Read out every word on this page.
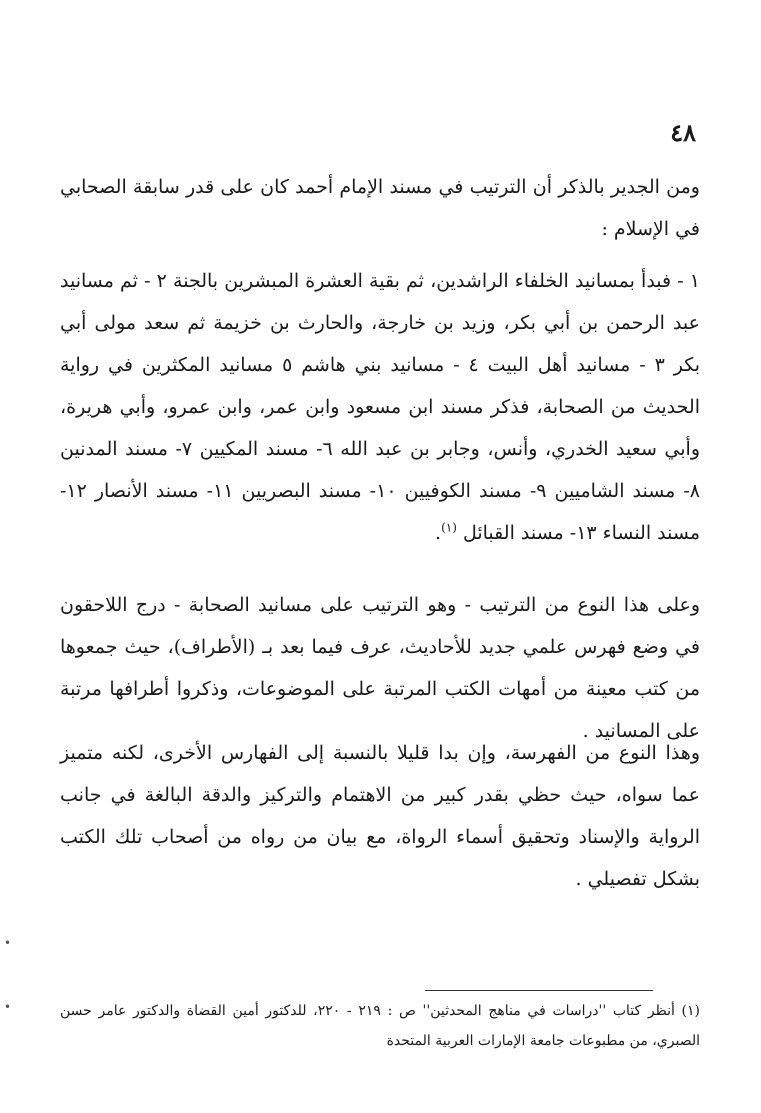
٤٨

ومن الجدير بالذكر أن الترتيب في مسند الإمام أحمد كان على قدر سابقة الصحابي في الإسلام :

١ - فبدأ بمسانيد الخلفاء الراشدين، ثم بقية العشرة المبشرين بالجنة ٢ - ثم مسانيد عبد الرحمن بن أبي بكر، وزيد بن خارجة، والحارث بن خزيمة ثم سعد مولى أبي بكر ٣ - مسانيد أهل البيت ٤ - مسانيد بني هاشم ٥ مسانيد المكثرين في رواية الحديث من الصحابة، فذكر مسند ابن مسعود وابن عمر، وابن عمرو، وأبي هريرة، وأبي سعيد الخدري، وأنس، وجابر بن عبد الله ٦- مسند المكيين ٧- مسند المدنين ٨- مسند الشاميين ٩- مسند الكوفيين ١٠- مسند البصريين ١١- مسند الأنصار ١٢- مسند النساء ١٣- مسند القبائل $^{(١)}$.

وعلى هذا النوع من الترتيب - وهو الترتيب على مسانيد الصحابة - درج اللاحقون في وضع فهرس علمي جديد للأحاديث، عرف فيما بعد بـ (الأطراف)، حيث جمعوها من كتب معينة من أمهات الكتب المرتبة على الموضوعات، وذكروا أطرافها مرتبة على المسانيد .

وهذا النوع من الفهرسة، وإن بدا قليلا بالنسبة إلى الفهارس الأخرى، لكنه متميز عما سواه، حيث حظي بقدر كبير من الاهتمام والتركيز والدقة البالغة في جانب الرواية والإسناد وتحقيق أسماء الرواة، مع بيان من رواه من أصحاب تلك الكتب بشكل تفصيلي .

(١) أنظر كتاب ''دراسات في مناهج المحدثين'' ص : ٢١٩ - ٢٢٠، للدكتور أمين القضاة والدكتور عامر حسن الصبري، من مطبوعات جامعة الإمارات العربية المتحدة

•
•
